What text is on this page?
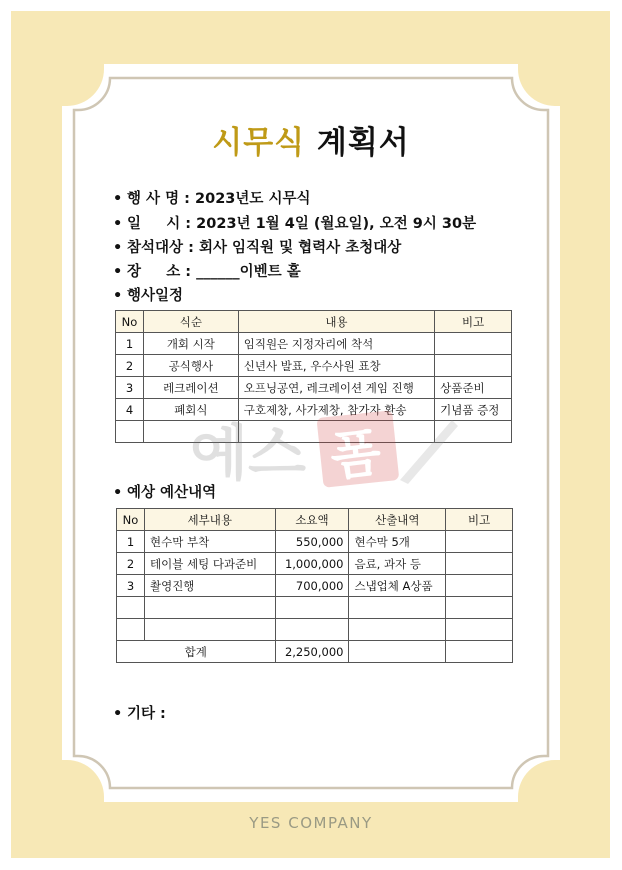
시무식 계획서
• 행 사 명 : 2023년도 시무식
• 일     시 : 2023년 1월 4일 (월요일), 오전 9시 30분
• 참석대상 : 회사 임직원 및 협력사 초청대상
• 장     소 : ______이벤트 홀
• 행사일정
No	식순	내용	비고
1	개회 시작	임직원은 지정자리에 착석	
2	공식행사	신년사 발표, 우수사원 표창	
3	레크레이션	오프닝공연, 레크레이션 게임 진행	상품준비
4	폐회식	구호제창, 사가제창, 참가자 환송	기념품 증정

예스 폼
• 예상 예산내역
No	세부내용	소요액	산출내역	비고
1	현수막 부착	550,000	현수막 5개	
2	테이블 세팅 다과준비	1,000,000	음료, 과자 등	
3	촬영진행	700,000	스냅업체 A상품	

합계		2,250,000		
• 기타 :
YES COMPANY
